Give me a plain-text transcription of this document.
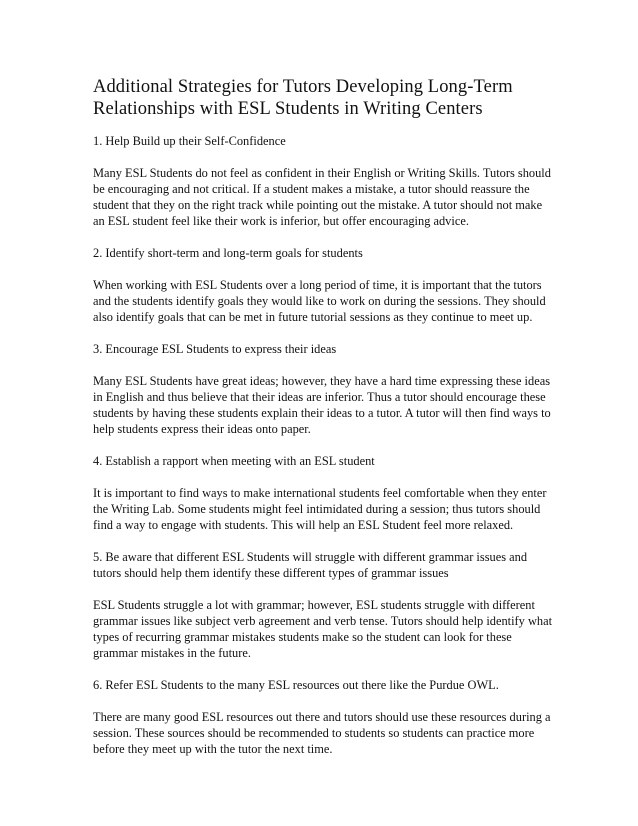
Additional Strategies for Tutors Developing Long-Term
Relationships with ESL Students in Writing Centers

1. Help Build up their Self-Confidence

Many ESL Students do not feel as confident in their English or Writing Skills. Tutors should be encouraging and not critical. If a student makes a mistake, a tutor should reassure the student that they on the right track while pointing out the mistake. A tutor should not make an ESL student feel like their work is inferior, but offer encouraging advice.

2. Identify short-term and long-term goals for students

When working with ESL Students over a long period of time, it is important that the tutors and the students identify goals they would like to work on during the sessions. They should also identify goals that can be met in future tutorial sessions as they continue to meet up.

3. Encourage ESL Students to express their ideas

Many ESL Students have great ideas; however, they have a hard time expressing these ideas in English and thus believe that their ideas are inferior. Thus a tutor should encourage these students by having these students explain their ideas to a tutor. A tutor will then find ways to help students express their ideas onto paper.

4. Establish a rapport when meeting with an ESL student

It is important to find ways to make international students feel comfortable when they enter the Writing Lab. Some students might feel intimidated during a session; thus tutors should find a way to engage with students. This will help an ESL Student feel more relaxed.

5. Be aware that different ESL Students will struggle with different grammar issues and tutors should help them identify these different types of grammar issues

ESL Students struggle a lot with grammar; however, ESL students struggle with different grammar issues like subject verb agreement and verb tense. Tutors should help identify what types of recurring grammar mistakes students make so the student can look for these grammar mistakes in the future.

6. Refer ESL Students to the many ESL resources out there like the Purdue OWL.

There are many good ESL resources out there and tutors should use these resources during a session. These sources should be recommended to students so students can practice more before they meet up with the tutor the next time.
